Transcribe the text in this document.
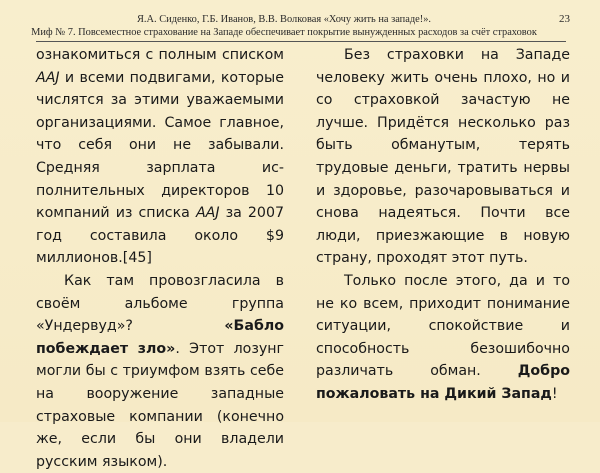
Я.А. Сиденко, Г.Б. Иванов, В.В. Волковая «Хочу жить на западе!».
Миф № 7. Повсеместное страхование на Западе обеспечивает покрытие вынужденных расходов за счёт страховок
23

ознакомиться с полным списком AAJ и всеми подвигами, которые числятся за этими уважаемыми организациями. Самое главное, что себя они не забывали. Средняя зарплата исполнительных директоров 10 компаний из списка AAJ за 2007 год составила около $9 миллионов.[45]

Как там провозгласила в своём альбоме группа «Ундервуд»? «Бабло побеждает зло». Этот лозунг могли бы с триумфом взять себе на вооружение западные страховые компании (конечно же, если бы они владели русским языком).

Без страховки на Западе человеку жить очень плохо, но и со страховкой зачастую не лучше. Придётся несколько раз быть обманутым, терять трудовые деньги, тратить нервы и здоровье, разочаровываться и снова надеяться. Почти все люди, приезжающие в новую страну, проходят этот путь.

Только после этого, да и то не ко всем, приходит понимание ситуации, спокойствие и способность безошибочно различать обман. Добро пожаловать на Дикий Запад!
